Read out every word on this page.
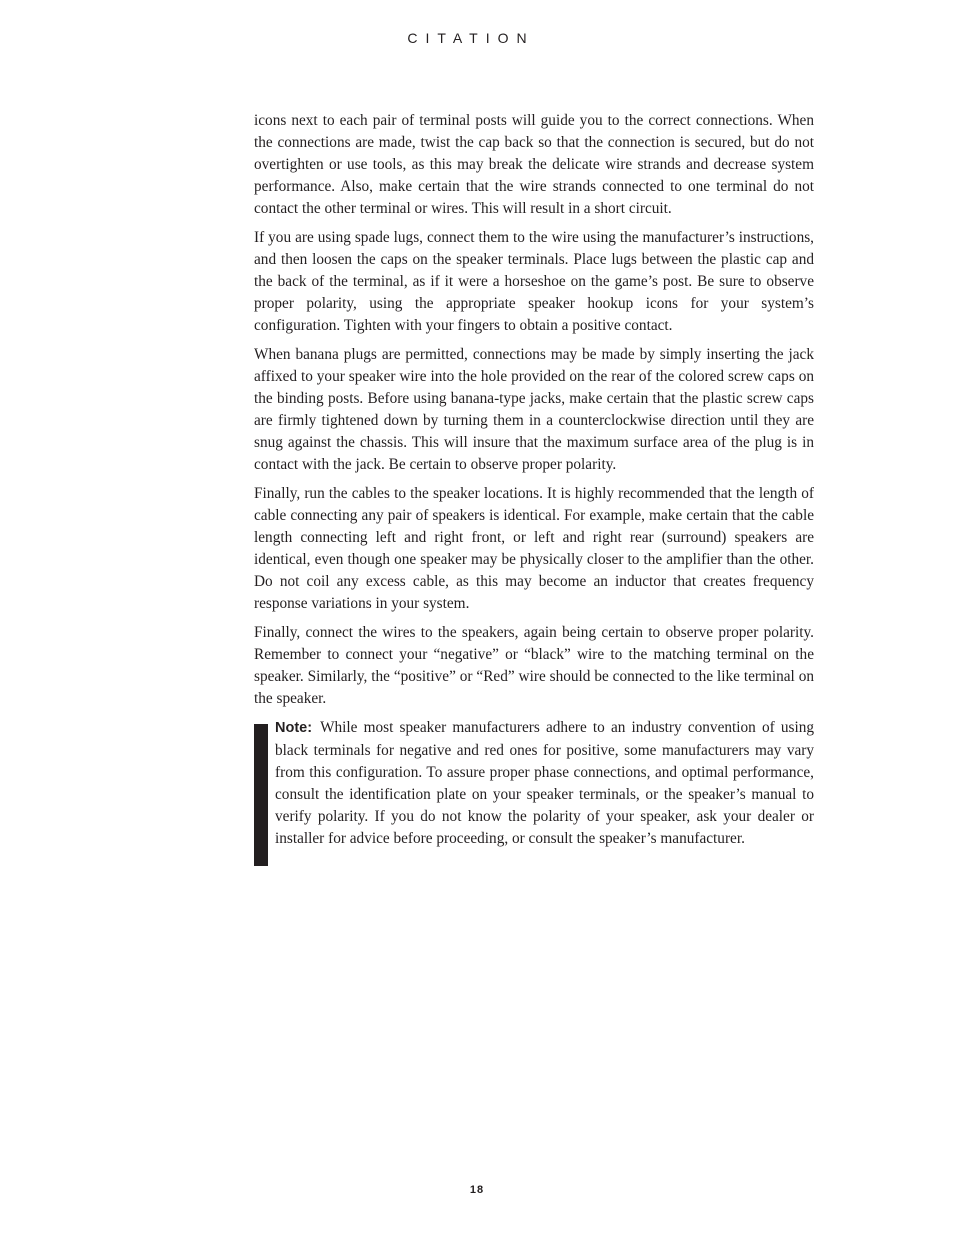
CITATION

icons next to each pair of terminal posts will guide you to the correct connections. When the connections are made, twist the cap back so that the connection is secured, but do not overtighten or use tools, as this may break the delicate wire strands and decrease system performance. Also, make certain that the wire strands connected to one terminal do not contact the other terminal or wires. This will result in a short circuit.

If you are using spade lugs, connect them to the wire using the manufacturer’s instructions, and then loosen the caps on the speaker terminals. Place lugs between the plastic cap and the back of the terminal, as if it were a horseshoe on the game’s post. Be sure to observe proper polarity, using the appropriate speaker hookup icons for your system’s configuration. Tighten with your fingers to obtain a positive contact.

When banana plugs are permitted, connections may be made by simply inserting the jack affixed to your speaker wire into the hole provided on the rear of the colored screw caps on the binding posts. Before using banana-type jacks, make certain that the plastic screw caps are firmly tightened down by turning them in a counterclockwise direction until they are snug against the chassis. This will insure that the maximum surface area of the plug is in contact with the jack. Be certain to observe proper polarity.

Finally, run the cables to the speaker locations. It is highly recommended that the length of cable connecting any pair of speakers is identical. For example, make certain that the cable length connecting left and right front, or left and right rear (surround) speakers are identical, even though one speaker may be physically closer to the amplifier than the other. Do not coil any excess cable, as this may become an inductor that creates frequency response variations in your system.

Finally, connect the wires to the speakers, again being certain to observe proper polarity. Remember to connect your “negative” or “black” wire to the matching terminal on the speaker. Similarly, the “positive” or “Red” wire should be connected to the like terminal on the speaker.

Note: While most speaker manufacturers adhere to an industry convention of using black terminals for negative and red ones for positive, some manufacturers may vary from this configuration. To assure proper phase connections, and optimal performance, consult the identification plate on your speaker terminals, or the speaker’s manual to verify polarity. If you do not know the polarity of your speaker, ask your dealer or installer for advice before proceeding, or consult the speaker’s manufacturer.

18
